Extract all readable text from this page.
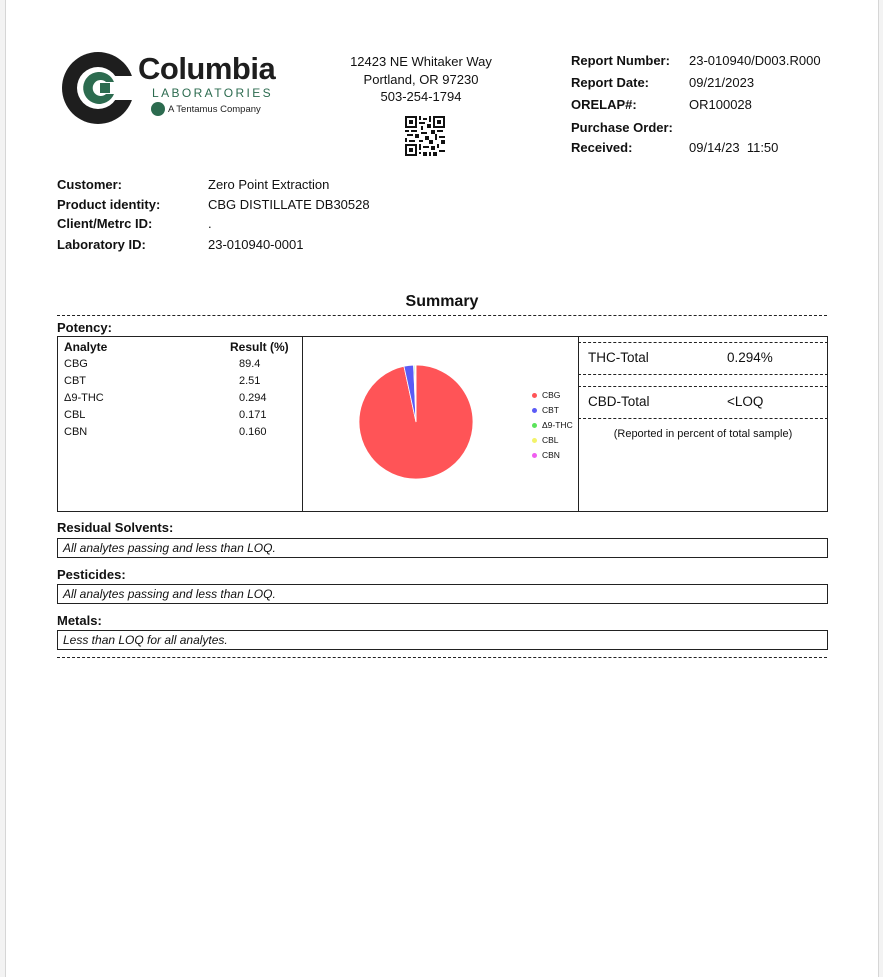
Columbia
LABORATORIES
A Tentamus Company
12423 NE Whitaker Way
Portland, OR 97230
503-254-1794
Report Number: 23-010940/D003.R000
Report Date:	09/21/2023
ORELAP#:	OR100028
Purchase Order:
Received:	09/14/23  11:50
Customer:	Zero Point Extraction
Product identity:	CBG DISTILLATE DB30528
Client/Metrc ID:	.
Laboratory ID:	23-010940-0001
Summary
Potency:
Analyte	Result (%)
CBG	89.4
CBT	2.51
Δ9-THC	0.294
CBL	0.171
CBN	0.160
CBG
CBT
Δ9-THC
CBL
CBN
THC-Total	0.294%
CBD-Total	<LOQ
(Reported in percent of total sample)
Residual Solvents:
All analytes passing and less than LOQ.
Pesticides:
All analytes passing and less than LOQ.
Metals:
Less than LOQ for all analytes.
